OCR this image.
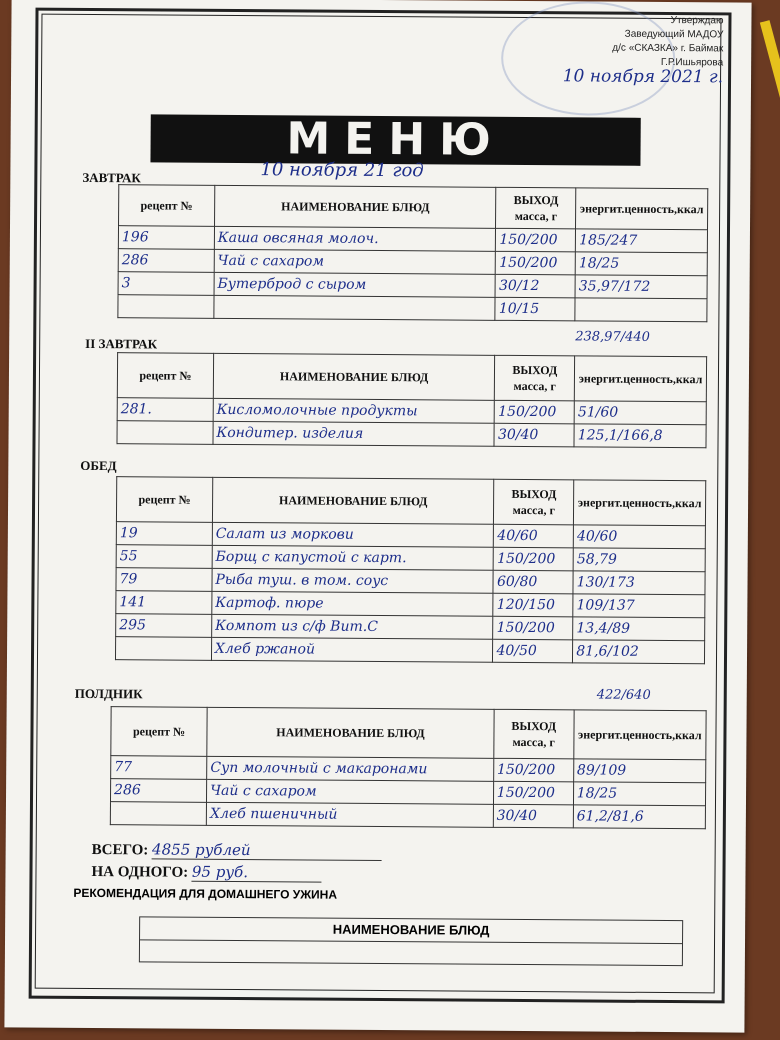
Утверждаю
Заведующий МАДОУ
д/с «СКАЗКА» г. Баймак
Г.Р.Ишьярова
10 ноября 2021 г.
МЕНЮ
10 ноября 21 год
ЗАВТРАК
рецепт №	НАИМЕНОВАНИЕ БЛЮД	ВЫХОД масса, г	энергит.ценность,ккал
196	Каша овсяная молоч.	150/200	185/247
286	Чай с сахаром	150/200	18/25
3	Бутерброд с сыром	30/12	35,97/172
		10/15	
238,97/440
II ЗАВТРАК
рецепт №	НАИМЕНОВАНИЕ БЛЮД	ВЫХОД масса, г	энергит.ценность,ккал
281.	Кисломолочные продукты	150/200	51/60
	Кондитер. изделия	30/40	125,1/166,8
ОБЕД
рецепт №	НАИМЕНОВАНИЕ БЛЮД	ВЫХОД масса, г	энергит.ценность,ккал
19	Салат из моркови	40/60	40/60
55	Борщ с капустой с карт.	150/200	58,79
79	Рыба туш. в том. соус	60/80	130/173
141	Картоф. пюре	120/150	109/137
295	Компот из с/ф Вит.С	150/200	13,4/89
	Хлеб ржаной	40/50	81,6/102
422/640
ПОЛДНИК
рецепт №	НАИМЕНОВАНИЕ БЛЮД	ВЫХОД масса, г	энергит.ценность,ккал
77	Суп молочный с макаронами	150/200	89/109
286	Чай с сахаром	150/200	18/25
	Хлеб пшеничный	30/40	61,2/81,6
ВСЕГО: 4855 рублей
НА ОДНОГО: 95 руб.
РЕКОМЕНДАЦИЯ ДЛЯ ДОМАШНЕГО УЖИНА
НАИМЕНОВАНИЕ БЛЮД
